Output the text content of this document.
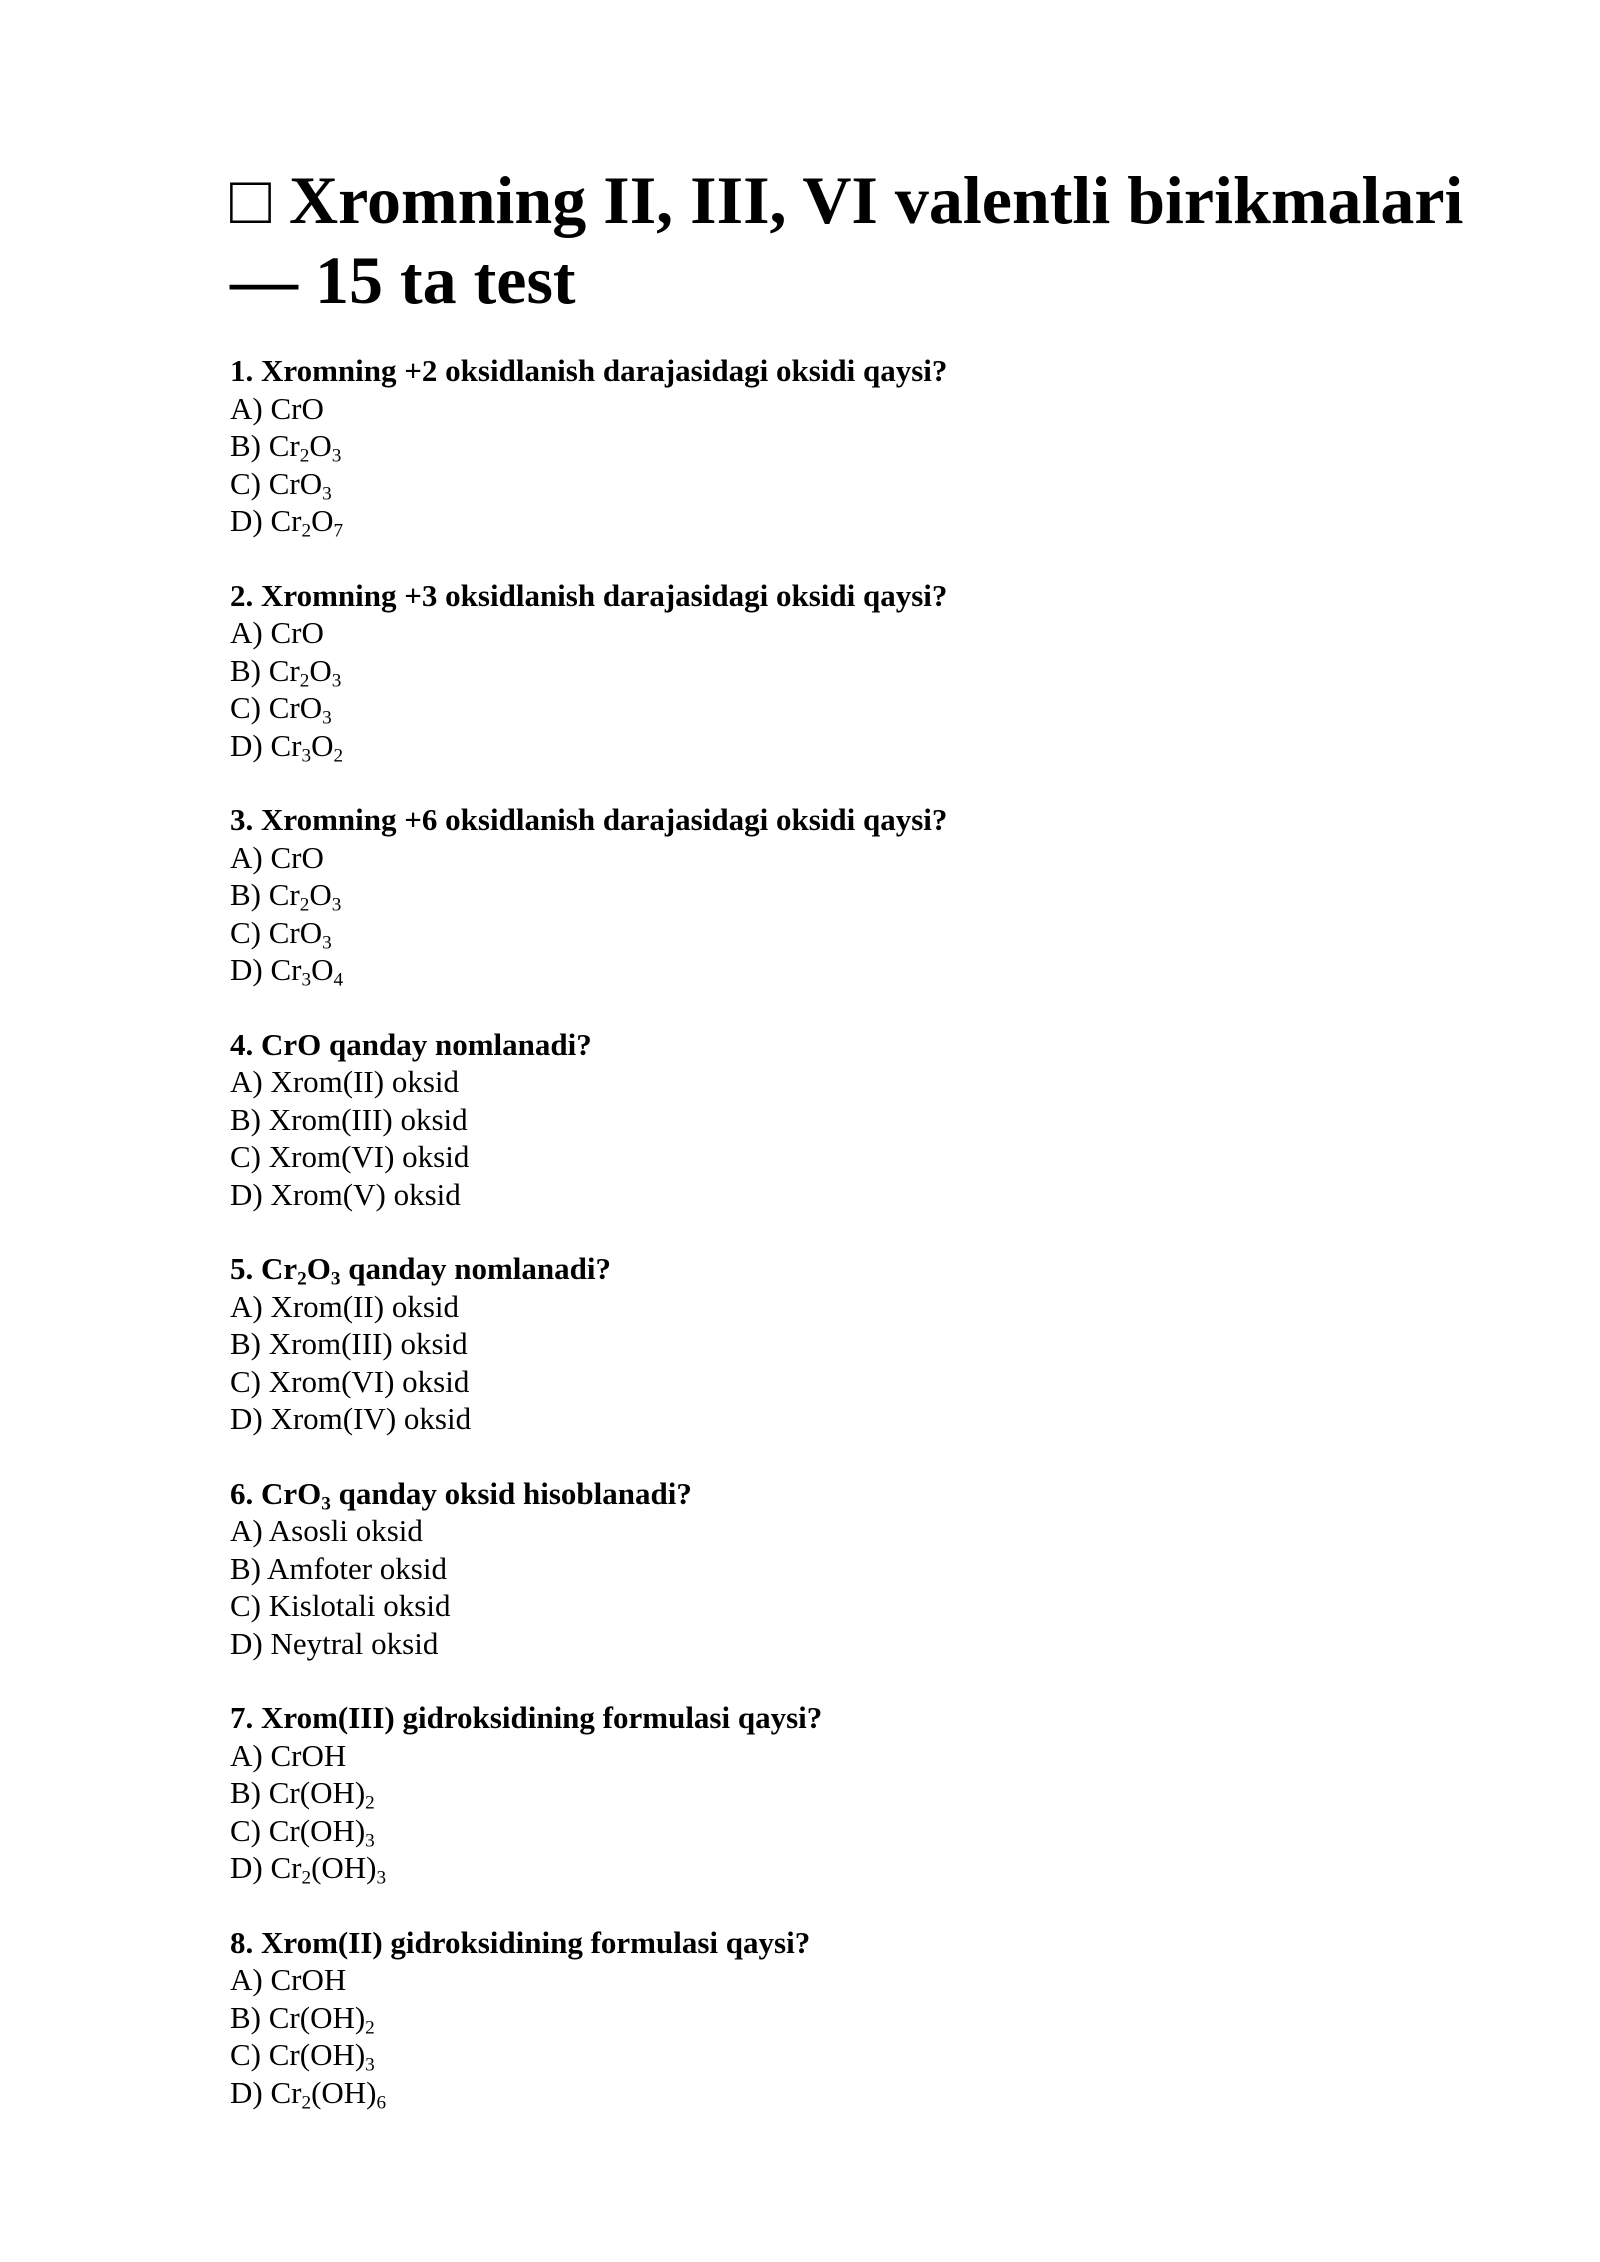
□ Xromning II, III, VI valentli birikmalari — 15 ta test
1. Xromning +2 oksidlanish darajasidagi oksidi qaysi?
A) CrO
B) $Cr_2O_3$
C) CrO$_3$
D) $Cr_2O_7$
2. Xromning +3 oksidlanish darajasidagi oksidi qaysi?
A) CrO
B) $Cr_2O_3$
C) CrO$_3$
D) $Cr_3O_2$
3. Xromning +6 oksidlanish darajasidagi oksidi qaysi?
A) CrO
B) $Cr_2O_3$
C) CrO$_3$
D) $Cr_3O_4$
4. CrO qanday nomlanadi?
A) Xrom(II) oksid
B) Xrom(III) oksid
C) Xrom(VI) oksid
D) Xrom(V) oksid
5. $Cr_2O_3$ qanday nomlanadi?
A) Xrom(II) oksid
B) Xrom(III) oksid
C) Xrom(VI) oksid
D) Xrom(IV) oksid
6. CrO$_3$ qanday oksid hisoblanadi?
A) Asosli oksid
B) Amfoter oksid
C) Kislotali oksid
D) Neytral oksid
7. Xrom(III) gidroksidining formulasi qaysi?
A) CrOH
B) $Cr(OH)_2$
C) $Cr(OH)_3$
D) $Cr_2(OH)_3$
8. Xrom(II) gidroksidining formulasi qaysi?
A) CrOH
B) $Cr(OH)_2$
C) $Cr(OH)_3$
D) $Cr_2(OH)_6$
